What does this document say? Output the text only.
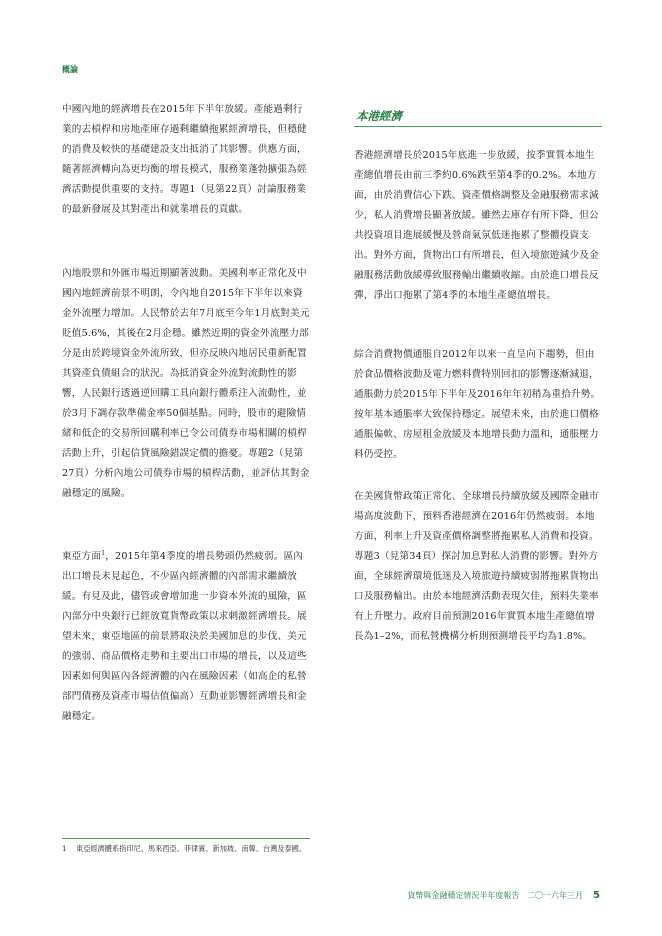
概論

中國內地的經濟增長在2015年下半年放緩。產能過剩行業的去槓桿和房地產庫存過剩繼續拖累經濟增長，但穩健的消費及較快的基礎建設支出抵消了其影響。供應方面，隨著經濟轉向為更均衡的增長模式，服務業蓬勃擴張為經濟活動提供重要的支持。專題1（見第22頁）討論服務業的最新發展及其對產出和就業增長的貢獻。

內地股票和外匯市場近期顯著波動。美國利率正常化及中國內地經濟前景不明朗，令內地自2015年下半年以來資金外流壓力增加。人民幣於去年7月底至今年1月底對美元貶值5.6%，其後在2月企穩。雖然近期的資金外流壓力部分是由於跨境資金外流所致，但亦反映內地居民重新配置其資產負債組合的狀況。為抵消資金外流對流動性的影響，人民銀行透過逆回購工具向銀行體系注入流動性，並於3月下調存款準備金率50個基點。同時，股市的避險情緒和低企的交易所回購利率已令公司債券市場相關的槓桿活動上升，引起信貸風險錯誤定價的擔憂。專題2（見第27頁）分析內地公司債券市場的槓桿活動，並評估其對金融穩定的風險。

東亞方面$^1$，2015年第4季度的增長勢頭仍然疲弱。區內出口增長未見起色，不少區內經濟體的內部需求繼續放緩。有見及此，儘管或會增加進一步資本外流的風險，區內部分中央銀行已經放寬貨幣政策以求刺激經濟增長。展望未來，東亞地區的前景將取決於美國加息的步伐、美元的強弱、商品價格走勢和主要出口市場的增長，以及這些因素如何與區內各經濟體的內在風險因素（如高企的私營部門債務及資產市場估值偏高）互動並影響經濟增長和金融穩定。

本港經濟

香港經濟增長於2015年底進一步放緩，按季實質本地生產總值增長由前三季約0.6%跌至第4季的0.2%。本地方面，由於消費信心下跌、資產價格調整及金融服務需求減少，私人消費增長顯著放緩。雖然去庫存有所下降，但公共投資項目進展緩慢及營商氣氛低迷拖累了整體投資支出。對外方面，貨物出口有所增長，但入境旅遊減少及金融服務活動放緩導致服務輸出繼續收縮。由於進口增長反彈，淨出口拖累了第4季的本地生產總值增長。

綜合消費物價通脹自2012年以來一直呈向下趨勢，但由於食品價格波動及電力燃料費特別回扣的影響逐漸減退，通脹動力於2015年下半年及2016年年初稍為重拾升勢。按年基本通脹率大致保持穩定。展望未來，由於進口價格通脹偏軟、房屋租金放緩及本地增長動力溫和，通脹壓力料仍受控。

在美國貨幣政策正常化、全球增長持續放緩及國際金融市場高度波動下，預料香港經濟在2016年仍然疲弱。本地方面，利率上升及資產價格調整將拖累私人消費和投資。專題3（見第34頁）探討加息對私人消費的影響。對外方面，全球經濟環境低迷及入境旅遊持續疲弱將拖累貨物出口及服務輸出。由於本地經濟活動表現欠佳，預料失業率有上升壓力。政府目前預測2016年實質本地生產總值增長為1–2%，而私營機構分析則預測增長平均為1.8%。

1 東亞經濟體系指印尼、馬來西亞、菲律賓、新加坡、南韓、台灣及泰國。
貨幣與金融穩定情況半年度報告 二〇一六年三月 5
